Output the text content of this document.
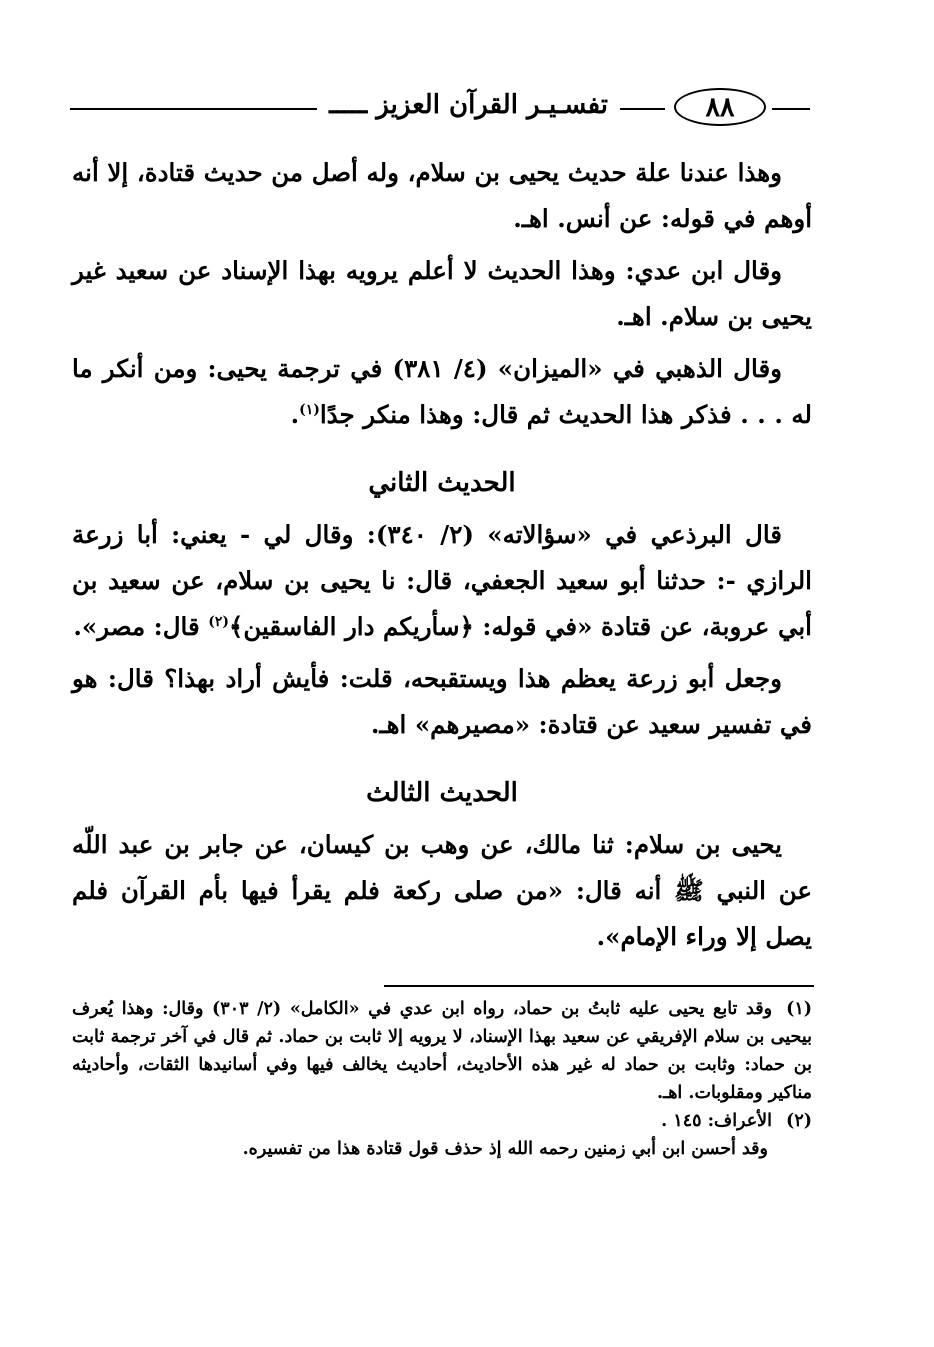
٨٨
تفسـيـر القرآن العزيز ـــــ

وهذا عندنا علة حديث يحيى بن سلام، وله أصل من حديث قتادة، إلا أنه أوهم في قوله: عن أنس. اهـ.

وقال ابن عدي: وهذا الحديث لا أعلم يرويه بهذا الإسناد عن سعيد غير يحيى بن سلام. اهـ.

وقال الذهبي في «الميزان» (٤/ ٣٨١) في ترجمة يحيى: ومن أنكر ما له . . . فذكر هذا الحديث ثم قال: وهذا منكر جدًا$^{(١)}$.

الحديث الثاني

قال البرذعي في «سؤالاته» (٢/ ٣٤٠): وقال لي - يعني: أبا زرعة الرازي -: حدثنا أبو سعيد الجعفي، قال: نا يحيى بن سلام، عن سعيد بن أبي عروبة، عن قتادة «في قوله: ﴿سأريكم دار الفاسقين﴾$^{(٢)}$ قال: مصر».

وجعل أبو زرعة يعظم هذا ويستقبحه، قلت: فأيش أراد بهذا؟ قال: هو في تفسير سعيد عن قتادة: «مصيرهم» اهـ.

الحديث الثالث

يحيى بن سلام: ثنا مالك، عن وهب بن كيسان، عن جابر بن عبد اللّه عن النبي ﷺ أنه قال: «من صلى ركعة فلم يقرأ فيها بأم القرآن فلم يصل إلا وراء الإمام».

(١)وقد تابع يحيى عليه ثابتُ بن حماد، رواه ابن عدي في «الكامل» (٢/ ٣٠٣) وقال: وهذا يُعرف بيحيى بن سلام الإفريقي عن سعيد بهذا الإسناد، لا يرويه إلا ثابت بن حماد. ثم قال في آخر ترجمة ثابت بن حماد: وثابت بن حماد له غير هذه الأحاديث، أحاديث يخالف فيها وفي أسانيدها الثقات، وأحاديثه مناكير ومقلوبات. اهـ.

(٢)الأعراف: ١٤٥ .

وقد أحسن ابن أبي زمنين رحمه الله إذ حذف قول قتادة هذا من تفسيره.
